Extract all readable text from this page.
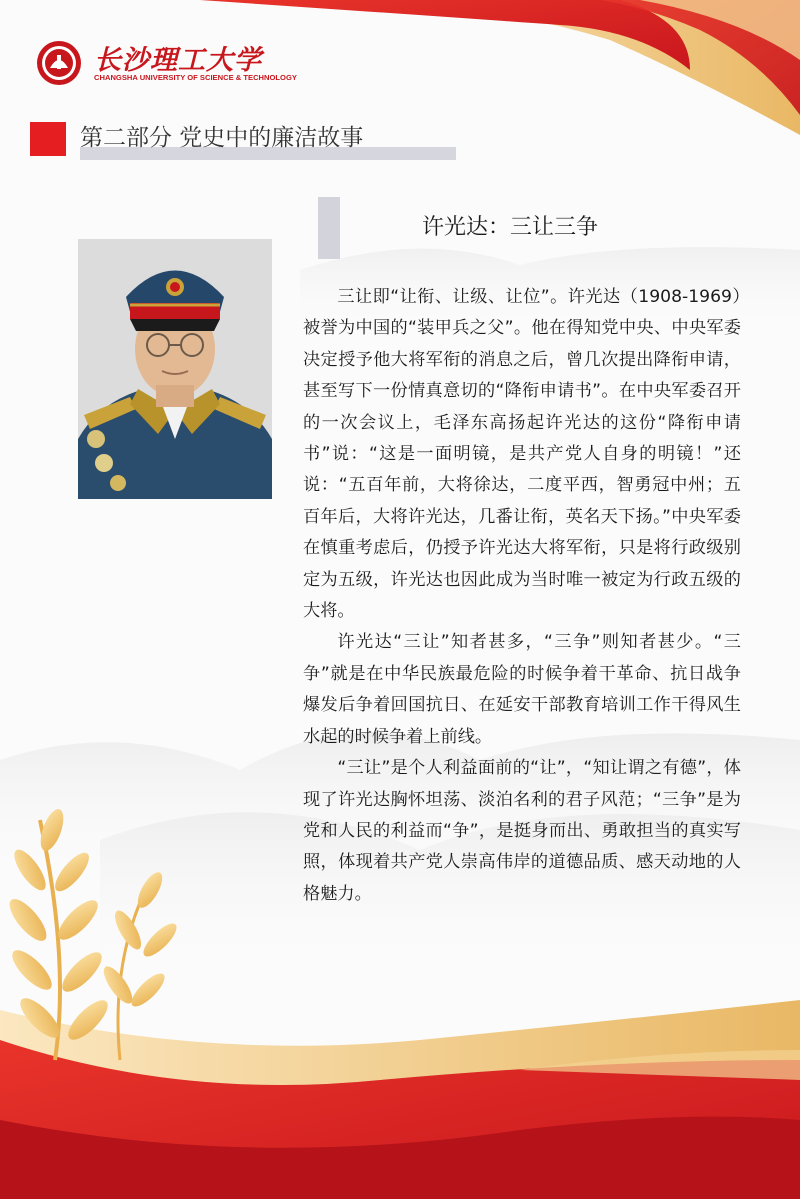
长沙理工大学
CHANGSHA UNIVERSITY OF SCIENCE & TECHNOLOGY
第二部分 党史中的廉洁故事
许光达：三让三争

三让即“让衔、让级、让位”。许光达（1908-1969）被誉为中国的“装甲兵之父”。他在得知党中央、中央军委决定授予他大将军衔的消息之后，曾几次提出降衔申请，甚至写下一份情真意切的“降衔申请书”。在中央军委召开的一次会议上，毛泽东高扬起许光达的这份“降衔申请书”说：“这是一面明镜，是共产党人自身的明镜！”还说：“五百年前，大将徐达，二度平西，智勇冠中州；五百年后，大将许光达，几番让衔，英名天下扬。”中央军委在慎重考虑后，仍授予许光达大将军衔，只是将行政级别定为五级，许光达也因此成为当时唯一被定为行政五级的大将。

许光达“三让”知者甚多，“三争”则知者甚少。“三争”就是在中华民族最危险的时候争着干革命、抗日战争爆发后争着回国抗日、在延安干部教育培训工作干得风生水起的时候争着上前线。

“三让”是个人利益面前的“让”，“知让谓之有德”，体现了许光达胸怀坦荡、淡泊名利的君子风范；“三争”是为党和人民的利益而“争”，是挺身而出、勇敢担当的真实写照，体现着共产党人崇高伟岸的道德品质、感天动地的人格魅力。
